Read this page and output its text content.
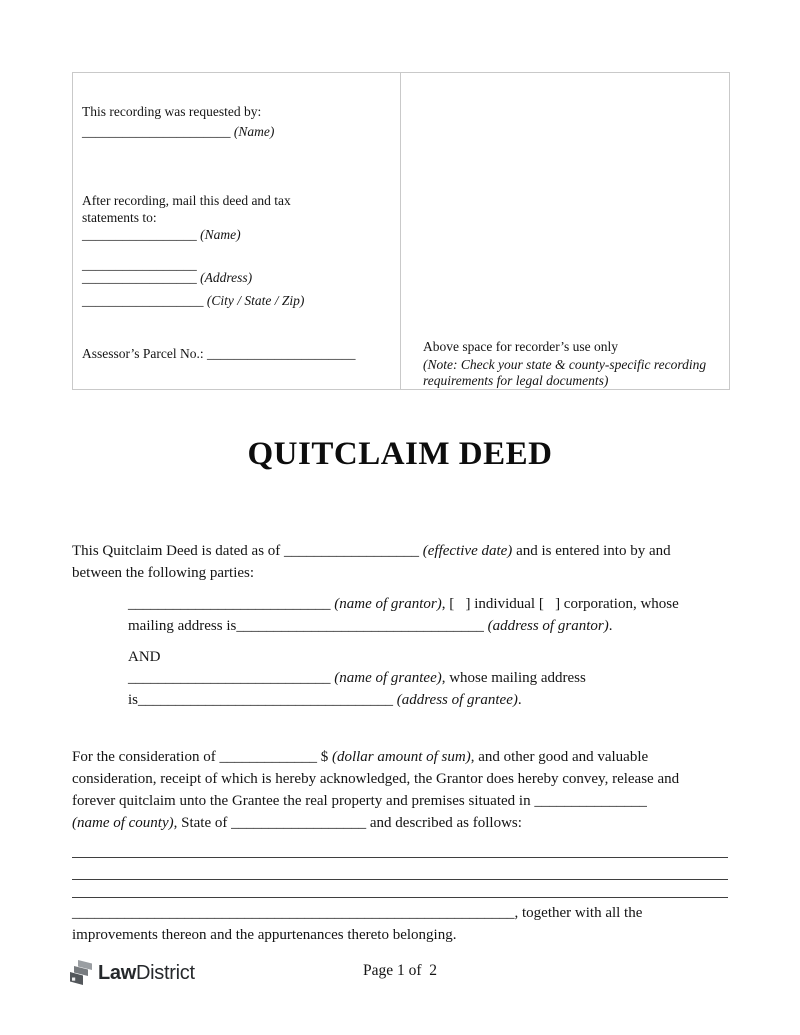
This recording was requested by:
______________________ (Name)
After recording, mail this deed and tax
statements to:
_________________ (Name)
_________________
_________________ (Address)
__________________ (City / State / Zip)
Assessor’s Parcel No.: ______________________	Above space for recorder’s use only
(Note: Check your state & county-specific recording
requirements for legal documents)
QUITCLAIM DEED
This Quitclaim Deed is dated as of __________________ (effective date) and is entered into by and
between the following parties:
___________________________ (name of grantor), [   ] individual [   ] corporation, whose
mailing address is_________________________________ (address of grantor).
AND
___________________________ (name of grantee), whose mailing address
is__________________________________ (address of grantee).
For the consideration of _____________ $ (dollar amount of sum), and other good and valuable
consideration, receipt of which is hereby acknowledged, the Grantor does hereby convey, release and
forever quitclaim unto the Grantee the real property and premises situated in _______________
(name of county), State of __________________ and described as follows:
___________________________________________________________, together with all the
improvements thereon and the appurtenances thereto belonging.
LawDistrict	Page 1 of  2
